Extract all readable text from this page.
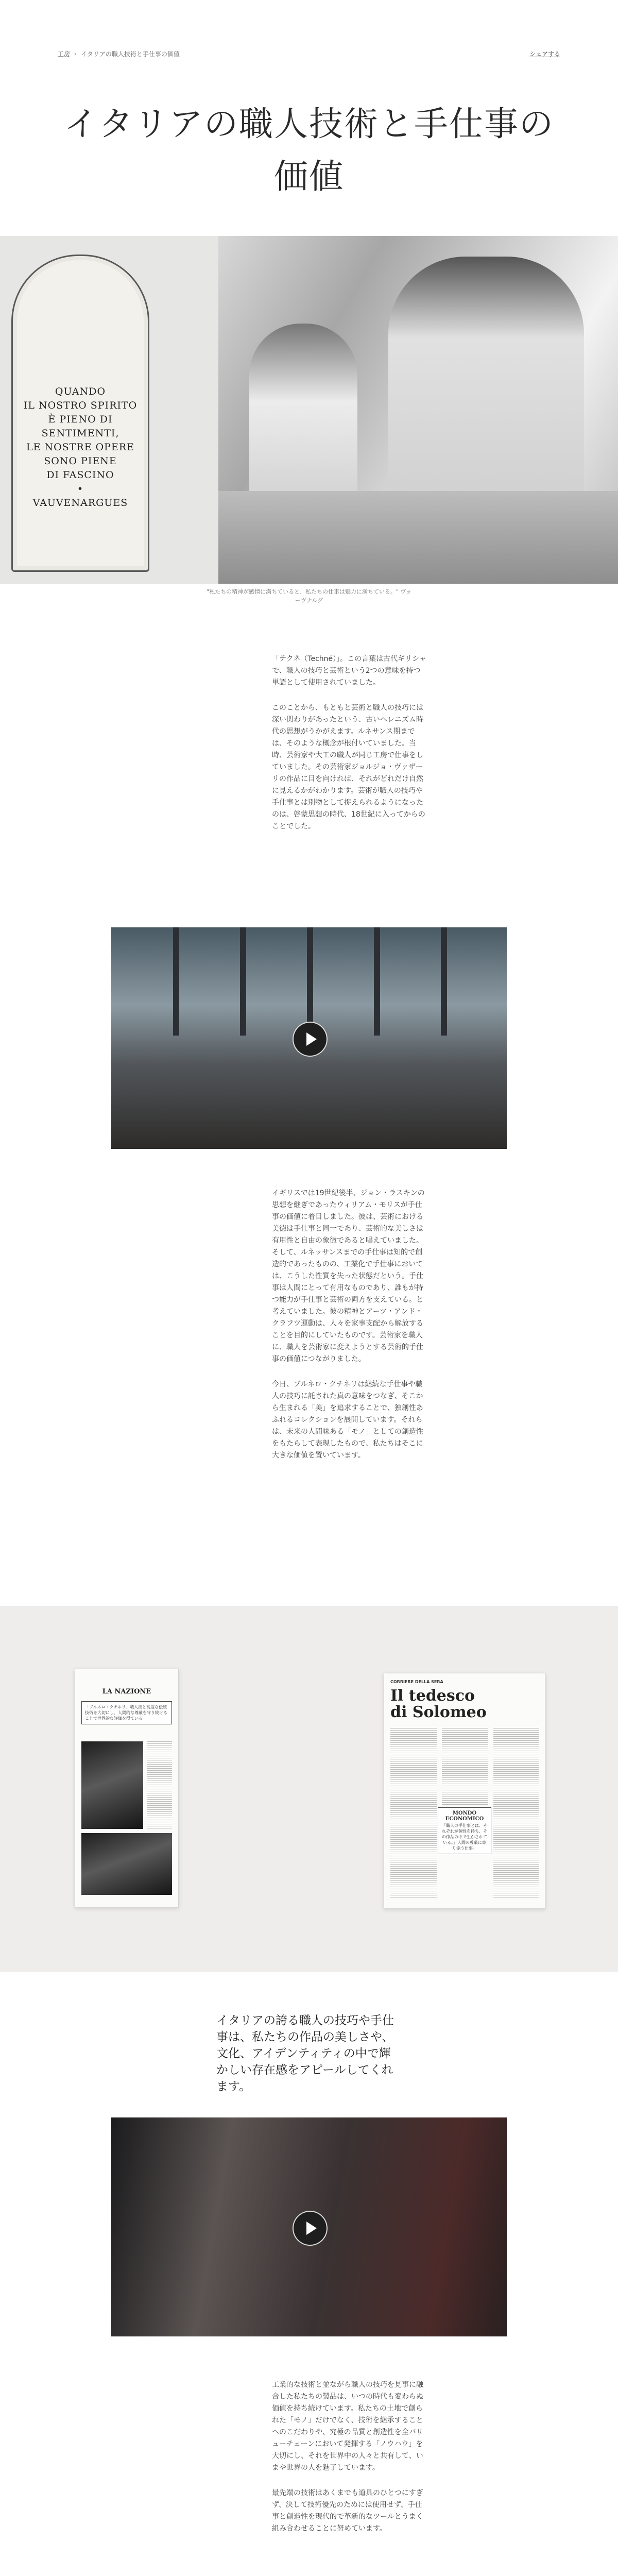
工房 › イタリアの職人技術と手仕事の価値	シェアする
イタリアの職人技術と手仕事の価値
QUANDO
IL NOSTRO SPIRITO
È PIENO DI SENTIMENTI,
LE NOSTRE OPERE
SONO PIENE
DI FASCINO
•
VAUVENARGUES
"私たちの精神が感情に満ちていると、私たちの仕事は魅力に満ちている。" ヴォーヴナルグ

「テクネ（Techné）」。この言葉は古代ギリシャで、職人の技巧と芸術という2つの意味を持つ単語として使用されていました。

このことから、もともと芸術と職人の技巧には深い関わりがあったという、古いヘレニズム時代の思想がうかがえます。ルネサンス期までは、そのような概念が根付いていました。当時、芸術家や大工の職人が同じ工房で仕事をしていました。その芸術家ジョルジョ・ヴァザーリの作品に目を向ければ、それがどれだけ自然に見えるかがわかります。芸術が職人の技巧や手仕事とは別物として捉えられるようになったのは、啓蒙思想の時代、18世紀に入ってからのことでした。

イギリスでは19世紀後半、ジョン・ラスキンの思想を継ぎであったウィリアム・モリスが手仕事の価値に着目しました。彼は、芸術における美徳は手仕事と同一であり、芸術的な美しさは有用性と自由の象徴であると唱えていました。そして、ルネッサンスまでの手仕事は知的で創造的であったものの、工業化で手仕事においては、こうした性質を失った状態だという。手仕事は人間にとって有用なものであり、誰もが持つ能力が手仕事と芸術の両方を支えている。と考えていました。彼の精神とアーツ・アンド・クラフツ運動は、人々を家事支配から解放することを目的にしていたものです。芸術家を職人に、職人を芸術家に変えようとする芸術的手仕事の価値につながりました。

今日、ブルネロ・クチネリは継続な手仕事や職人の技巧に託された真の意味をつなぎ、そこから生まれる「美」を追求することで、独創性あふれるコレクションを展開しています。それらは、未来の人間味ある「モノ」としての創造性をもたらして表現したもので、私たちはそこに大きな価値を置いています。

LA NAZIONE
「ブルネロ・クチネリ」職人技と高度な伝統技術を大切にし、人間的な尊厳を守り続けることで世界的な評価を得ている。
CORRIERE DELLA SERA
Il tedesco di Solomeo
MONDO ECONOMICO
「職人の手仕事とは、それぞれが個性を持ち、その作品の中で生かされている。」人間の尊厳に寄り添う仕事。
イタリアの誇る職人の技巧や手仕事は、私たちの作品の美しさや、文化、アイデンティティの中で輝かしい存在感をアピールしてくれます。

工業的な技術と並ながら職人の技巧を見事に融合した私たちの製品は、いつの時代も変わらぬ価値を持ち続けています。私たちの土地で創られた「モノ」だけでなく、技術を継承することへのこだわりや、究極の品質と創造性を全バリューチェーンにおいて発揮する「ノウハウ」を大切にし、それを世界中の人々と共有して、いまや世界の人を魅了しています。

最先端の技術はあくまでも道具のひとつにすぎず、決して技術優先のためには使用せず、手仕事と創造性を現代的で革新的なツールとうまく組み合わせることに努めています。
